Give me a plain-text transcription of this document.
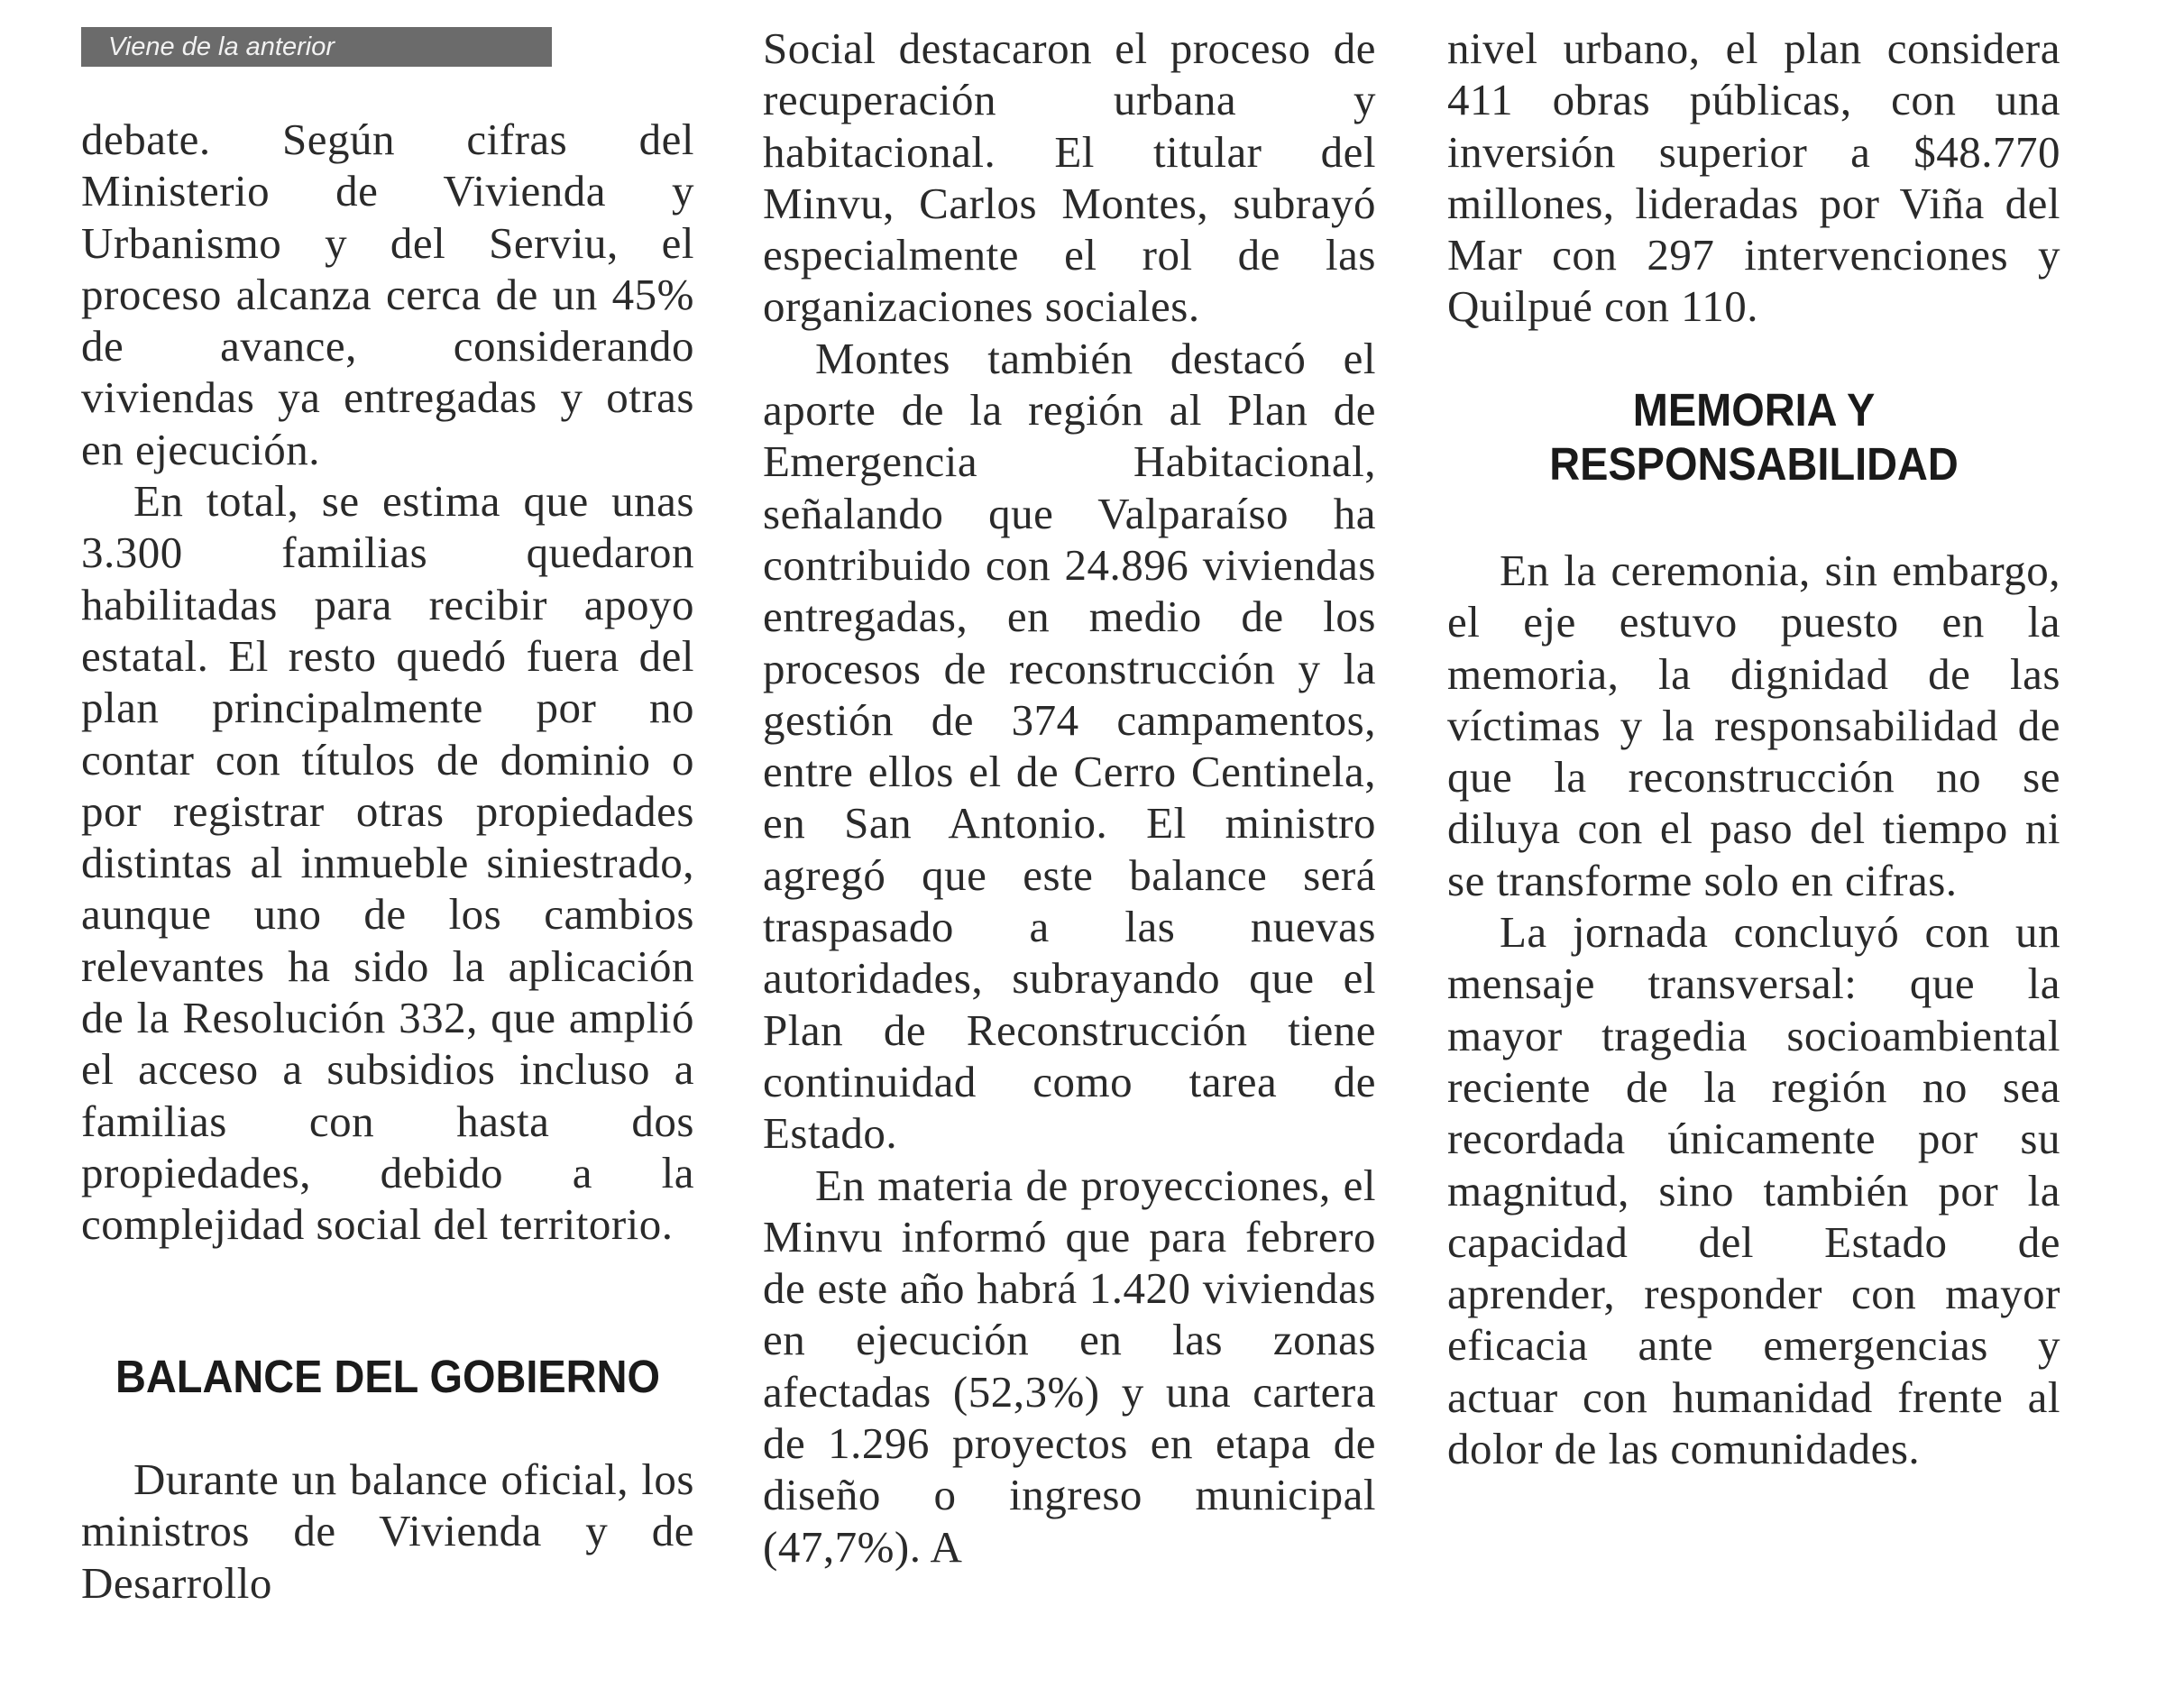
Viene de la anterior

debate. Según cifras del Ministerio de Vivienda y Urbanismo y del Serviu, el proceso alcanza cerca de un 45% de avance, considerando viviendas ya entregadas y otras en ejecución.

En total, se estima que unas 3.300 familias quedaron habilitadas para recibir apoyo estatal. El resto quedó fuera del plan principalmente por no contar con títulos de dominio o por registrar otras propiedades distintas al inmueble siniestrado, aunque uno de los cambios relevantes ha sido la aplicación de la Resolución 332, que amplió el acceso a subsidios incluso a familias con hasta dos propiedades, debido a la complejidad social del territorio.

BALANCE DEL GOBIERNO

Durante un balance oficial, los ministros de Vivienda y de Desarrollo

Social destacaron el proceso de recuperación urbana y habitacional. El titular del Minvu, Carlos Montes, subrayó especialmente el rol de las organizaciones sociales.

Montes también destacó el aporte de la región al Plan de Emergencia Habitacional, señalando que Valparaíso ha contribuido con 24.896 viviendas entregadas, en medio de los procesos de reconstrucción y la gestión de 374 campamentos, entre ellos el de Cerro Centinela, en San Antonio. El ministro agregó que este balance será traspasado a las nuevas autoridades, subrayando que el Plan de Reconstrucción tiene continuidad como tarea de Estado.

En materia de proyecciones, el Minvu informó que para febrero de este año habrá 1.420 viviendas en ejecución en las zonas afectadas (52,3%) y una cartera de 1.296 proyectos en etapa de diseño o ingreso municipal (47,7%). A

nivel urbano, el plan considera 411 obras públicas, con una inversión superior a $48.770 millones, lideradas por Viña del Mar con 297 intervenciones y Quilpué con 110.

MEMORIA Y RESPONSABILIDAD

En la ceremonia, sin embargo, el eje estuvo puesto en la memoria, la dignidad de las víctimas y la responsabilidad de que la reconstrucción no se diluya con el paso del tiempo ni se transforme solo en cifras.

La jornada concluyó con un mensaje transversal: que la mayor tragedia socioambiental reciente de la región no sea recordada únicamente por su magnitud, sino también por la capacidad del Estado de aprender, responder con mayor eficacia ante emergencias y actuar con humanidad frente al dolor de las comunidades.
